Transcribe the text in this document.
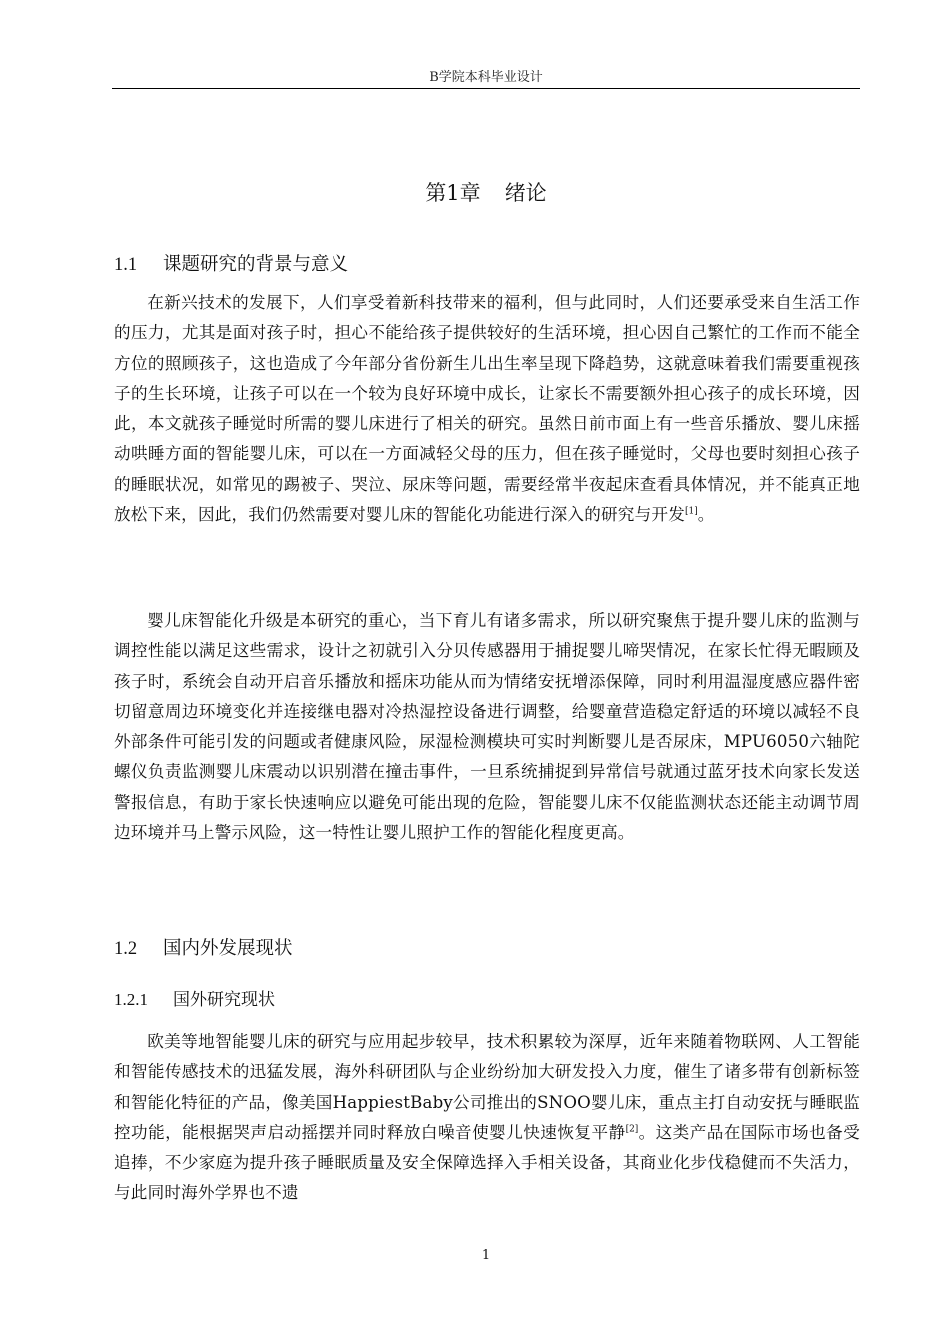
B学院本科毕业设计
第1章 绪论
1.1 课题研究的背景与意义

在新兴技术的发展下，人们享受着新科技带来的福利，但与此同时，人们还要承受来自生活工作的压力，尤其是面对孩子时，担心不能给孩子提供较好的生活环境，担心因自己繁忙的工作而不能全方位的照顾孩子，这也造成了今年部分省份新生儿出生率呈现下降趋势，这就意味着我们需要重视孩子的生长环境，让孩子可以在一个较为良好环境中成长，让家长不需要额外担心孩子的成长环境，因此，本文就孩子睡觉时所需的婴儿床进行了相关的研究。虽然日前市面上有一些音乐播放、婴儿床摇动哄睡方面的智能婴儿床，可以在一方面减轻父母的压力，但在孩子睡觉时，父母也要时刻担心孩子的睡眠状况，如常见的踢被子、哭泣、尿床等问题，需要经常半夜起床查看具体情况，并不能真正地放松下来，因此，我们仍然需要对婴儿床的智能化功能进行深入的研究与开发[1]。

婴儿床智能化升级是本研究的重心，当下育儿有诸多需求，所以研究聚焦于提升婴儿床的监测与调控性能以满足这些需求，设计之初就引入分贝传感器用于捕捉婴儿啼哭情况，在家长忙得无暇顾及孩子时，系统会自动开启音乐播放和摇床功能从而为情绪安抚增添保障，同时利用温湿度感应器件密切留意周边环境变化并连接继电器对冷热湿控设备进行调整，给婴童营造稳定舒适的环境以减轻不良外部条件可能引发的问题或者健康风险，尿湿检测模块可实时判断婴儿是否尿床，MPU6050六轴陀螺仪负责监测婴儿床震动以识别潜在撞击事件，一旦系统捕捉到异常信号就通过蓝牙技术向家长发送警报信息，有助于家长快速响应以避免可能出现的危险，智能婴儿床不仅能监测状态还能主动调节周边环境并马上警示风险，这一特性让婴儿照护工作的智能化程度更高。

1.2 国内外发展现状
1.2.1 国外研究现状

欧美等地智能婴儿床的研究与应用起步较早，技术积累较为深厚，近年来随着物联网、人工智能和智能传感技术的迅猛发展，海外科研团队与企业纷纷加大研发投入力度，催生了诸多带有创新标签和智能化特征的产品，像美国HappiestBaby公司推出的SNOO婴儿床，重点主打自动安抚与睡眠监控功能，能根据哭声启动摇摆并同时释放白噪音使婴儿快速恢复平静[2]。这类产品在国际市场也备受追捧，不少家庭为提升孩子睡眠质量及安全保障选择入手相关设备，其商业化步伐稳健而不失活力，与此同时海外学界也不遗

1
